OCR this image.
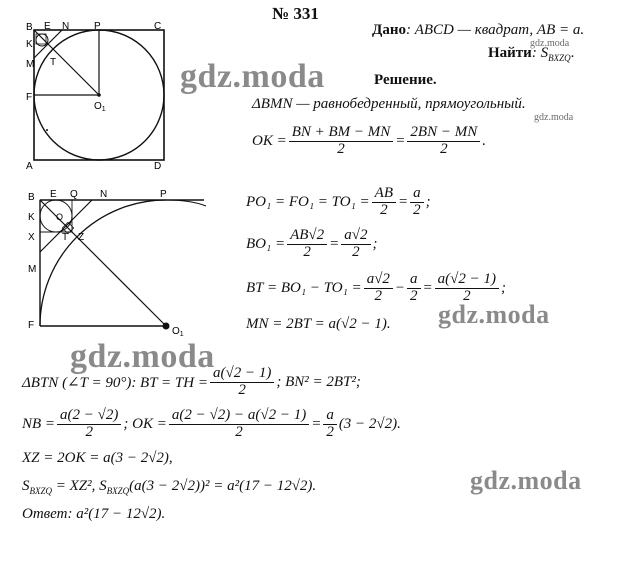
№ 331
Дано: ABCD — квадрат, AB = a.
Найти: $S_{BXZQ}$.
gdz.moda
gdz.moda
B E N P	C
K
M T
F
$O_1$
A	D
B E Q N	P
K O
X	T Z
M
F
$O_1$
gdz.moda
gdz.moda
gdz.moda
gdz.moda
Решение.
ΔBMN — равнобедренный, прямоугольный.
OK = $\frac{BN + BM - MN}{2} = \frac{2BN - MN}{2}$ .
$PO_1 = FO_1 = TO_1 = \frac{AB}{2} = \frac{a}{2}$ ;
$BO_1 = \frac{AB√2}{2} = \frac{a√2}{2}$ ;
BT = $BO_1 - TO_1 = \frac{a√2}{2} - \frac{a}{2} = \frac{a(√2 - 1)}{2}$ ;
MN = 2BT = a(√2 − 1).
ΔBTN (∠T = 90°): BT = TH = $\frac{a(√2 - 1)}{2}$ ; BN² = 2BT²;
NB = $\frac{a(2 - √2)}{2}$ ; OK = $\frac{a(2 - √2) - a(√2 - 1)}{2} = \frac{a}{2} (3 - 2√2)$.
XZ = 2OK = a(3 − 2√2),
$S_{BXZQ} = XZ^2$, $S_{BXZQ}(a(3 - 2√2))^2 = a^2(17 - 12√2)$.
Ответ: a²(17 − 12√2).
